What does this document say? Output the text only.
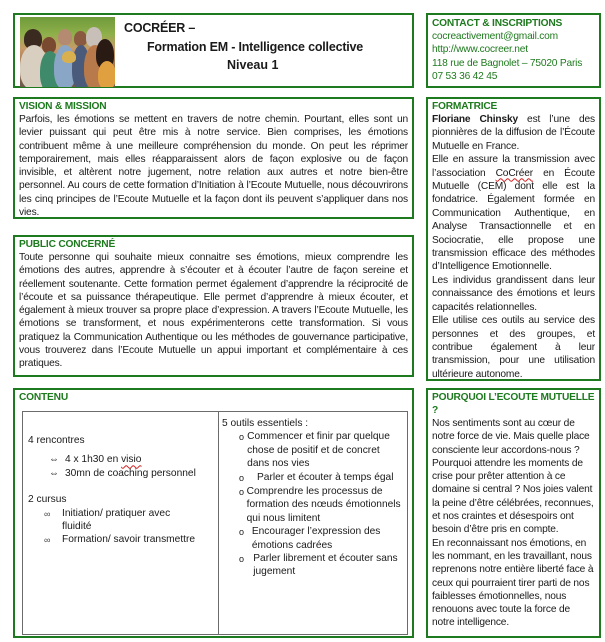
COCRÉER –
Formation EM - Intelligence collective
Niveau 1
CONTACT & INSCRIPTIONS
cocreactivement@gmail.com
http://www.cocreer.net
118 rue de Bagnolet – 75020 Paris
07 53 36 42 45
VISION & MISSION
Parfois, les émotions se mettent en travers de notre chemin. Pourtant, elles sont un levier puissant qui peut être mis à notre service. Bien comprises, les émotions contribuent même à une meilleure compréhension du monde. On peut les réprimer temporairement, mais elles réapparaissent alors de façon explosive ou de façon invisible, et altèrent notre jugement, notre relation aux autres et notre bien-être personnel. Au cours de cette formation d’Initiation à l’Ecoute Mutuelle, nous découvrirons les cinq principes de l’Ecoute Mutuelle et la façon dont ils peuvent s’appliquer dans nos vies.
PUBLIC CONCERNÉ
Toute personne qui souhaite mieux connaitre ses émotions, mieux comprendre les émotions des autres, apprendre à s’écouter et à écouter l’autre de façon sereine et réellement soutenante. Cette formation permet également d’apprendre la réciprocité de l’écoute et sa puissance thérapeutique. Elle permet d’apprendre à mieux écouter, et également à mieux trouver sa propre place d’expression. A travers l’Ecoute Mutuelle, les émotions se transforment, et nous expérimenterons cette transformation. Si vous pratiquez la Communication Authentique ou les méthodes de gouvernance participative, vous trouverez dans l’Ecoute Mutuelle un appui important et complémentaire à ces pratiques.
FORMATRICE

Floriane Chinsky est l’une des pionnières de la diffusion de l’Écoute Mutuelle en France.

Elle en assure la transmission avec l’association CoCréer en Écoute Mutuelle (CEM) dont elle est la fondatrice. Également formée en Communication Authentique, en Analyse Transactionnelle et en Sociocratie, elle propose une transmission efficace des méthodes d’Intelligence Emotionnelle.

Les individus grandissent dans leur connaissance des émotions et leurs capacités relationnelles.

Elle utilise ces outils au service des personnes et des groupes, et contribue également à leur transmission, pour une utilisation ultérieure autonome.

CONTENU
4 rencontres
⇔ 4 x 1h30 en visio
⇔ 30mn de coaching personnel
2 cursus
∞	Initiation/ pratiquer avec fluidité
∞	Formation/ savoir transmettre
5 outils essentiels :
o Commencer et finir par quelque chose de positif et de concret dans nos vies
o	Parler et écouter à temps égal
o Comprendre les processus de formation des nœuds émotionnels qui nous limitent
o Encourager l’expression des émotions cadrées
o Parler librement et écouter sans jugement
POURQUOI L’ECOUTE MUTUELLE ?

Nos sentiments sont au cœur de notre force de vie. Mais quelle place consciente leur accordons-nous ? Pourquoi attendre les moments de crise pour prêter attention à ce domaine si central ? Nos joies valent la peine d’être célébrées, reconnues, et nos craintes et désespoirs ont besoin d’être pris en compte.

En reconnaissant nos émotions, en les nommant, en les travaillant, nous reprenons notre entière liberté face à ceux qui pourraient tirer parti de nos faiblesses émotionnelles, nous renouons avec toute la force de notre intelligence.
